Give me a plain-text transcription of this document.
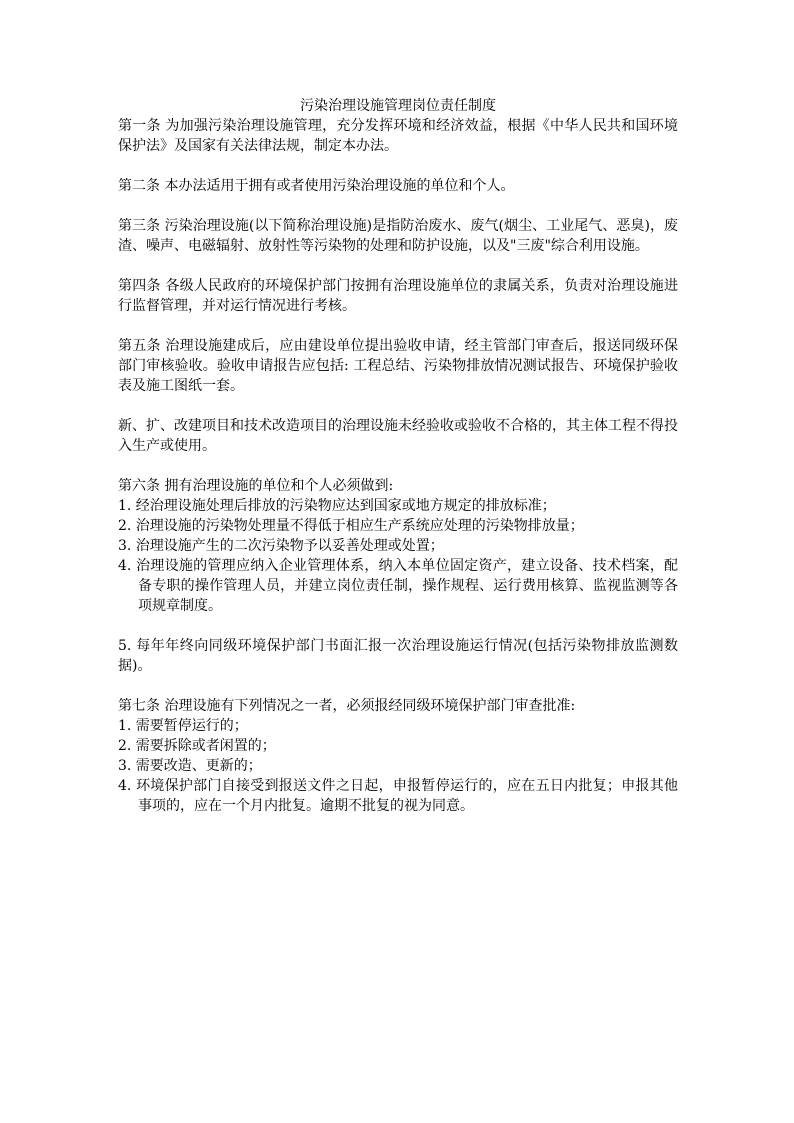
污染治理设施管理岗位责任制度

第一条 为加强污染治理设施管理，充分发挥环境和经济效益，根据《中华人民共和国环境保护法》及国家有关法律法规，制定本办法。

第二条 本办法适用于拥有或者使用污染治理设施的单位和个人。

第三条 污染治理设施(以下简称治理设施)是指防治废水、废气(烟尘、工业尾气、恶臭)，废渣、噪声、电磁辐射、放射性等污染物的处理和防护设施，以及"三废"综合利用设施。

第四条 各级人民政府的环境保护部门按拥有治理设施单位的隶属关系，负责对治理设施进行监督管理，并对运行情况进行考核。

第五条 治理设施建成后，应由建设单位提出验收申请，经主管部门审查后，报送同级环保部门审核验收。验收申请报告应包括: 工程总结、污染物排放情况测试报告、环境保护验收表及施工图纸一套。

新、扩、改建项目和技术改造项目的治理设施未经验收或验收不合格的，其主体工程不得投入生产或使用。

第六条 拥有治理设施的单位和个人必须做到:

1. 经治理设施处理后排放的污染物应达到国家或地方规定的排放标准；

2. 治理设施的污染物处理量不得低于相应生产系统应处理的污染物排放量；

3. 治理设施产生的二次污染物予以妥善处理或处置；

4. 治理设施的管理应纳入企业管理体系，纳入本单位固定资产，建立设备、技术档案，配备专职的操作管理人员，并建立岗位责任制，操作规程、运行费用核算、监视监测等各项规章制度。

5. 每年年终向同级环境保护部门书面汇报一次治理设施运行情况(包括污染物排放监测数据)。

第七条 治理设施有下列情况之一者，必须报经同级环境保护部门审查批准:

1. 需要暂停运行的；

2. 需要拆除或者闲置的；

3. 需要改造、更新的；

4. 环境保护部门自接受到报送文件之日起，申报暂停运行的，应在五日内批复；申报其他事项的，应在一个月内批复。逾期不批复的视为同意。
